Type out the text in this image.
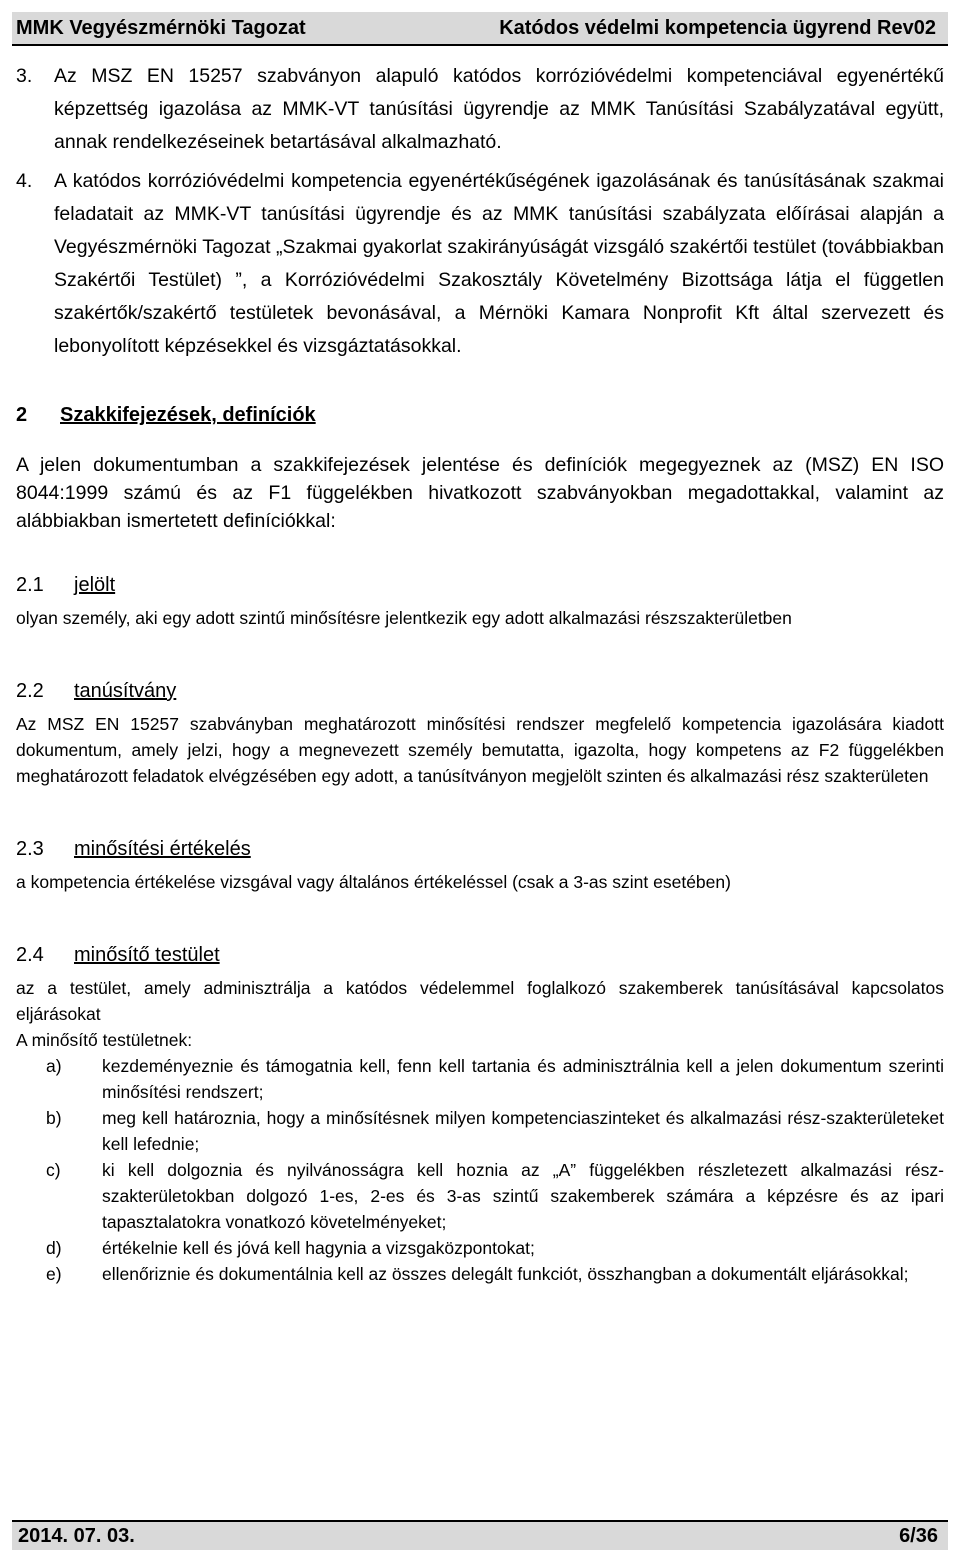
MMK Vegyészmérnöki Tagozat	Katódos védelmi kompetencia ügyrend Rev02
3.	Az MSZ EN 15257 szabványon alapuló katódos korrózióvédelmi kompetenciával egyenértékű képzettség igazolása az MMK-VT tanúsítási ügyrendje az MMK Tanúsítási Szabályzatával együtt, annak rendelkezéseinek betartásával alkalmazható.
4.	A katódos korrózióvédelmi kompetencia egyenértékűségének igazolásának és tanúsításának szakmai feladatait az MMK-VT tanúsítási ügyrendje és az MMK tanúsítási szabályzata előírásai alapján a Vegyészmérnöki Tagozat „Szakmai gyakorlat szakirányúságát vizsgáló szakértői testület (továbbiakban Szakértői Testület) ”, a Korrózióvédelmi Szakosztály Követelmény Bizottsága látja el független szakértők/szakértő testületek bevonásával, a Mérnöki Kamara Nonprofit Kft által szervezett és lebonyolított képzésekkel és vizsgáztatásokkal.
2	Szakkifejezések, definíciók
A jelen dokumentumban a szakkifejezések jelentése és definíciók megegyeznek az (MSZ) EN ISO 8044:1999 számú és az F1 függelékben hivatkozott szabványokban megadottakkal, valamint az alábbiakban ismertetett definíciókkal:
2.1	jelölt
olyan személy, aki egy adott szintű minősítésre jelentkezik egy adott alkalmazási részszakterületben
2.2	tanúsítvány
Az MSZ EN 15257 szabványban meghatározott minősítési rendszer megfelelő kompetencia igazolására kiadott dokumentum, amely jelzi, hogy a megnevezett személy bemutatta, igazolta, hogy kompetens az F2 függelékben meghatározott feladatok elvégzésében egy adott, a tanúsítványon megjelölt szinten és alkalmazási rész szakterületen
2.3	minősítési értékelés
a kompetencia értékelése vizsgával vagy általános értékeléssel (csak a 3-as szint esetében)
2.4	minősítő testület
az a testület, amely adminisztrálja a katódos védelemmel foglalkozó szakemberek tanúsításával kapcsolatos eljárásokat
A minősítő testületnek:
a)	kezdeményeznie és támogatnia kell, fenn kell tartania és adminisztrálnia kell a jelen dokumentum szerinti minősítési rendszert;
b)	meg kell határoznia, hogy a minősítésnek milyen kompetenciaszinteket és alkalmazási rész-szakterületeket kell lefednie;
c)	ki kell dolgoznia és nyilvánosságra kell hoznia az „A” függelékben részletezett alkalmazási rész-szakterületokban dolgozó 1-es, 2-es és 3-as szintű szakemberek számára a képzésre és az ipari tapasztalatokra vonatkozó követelményeket;
d)	értékelnie kell és jóvá kell hagynia a vizsgaközpontokat;
e)	ellenőriznie és dokumentálnia kell az összes delegált funkciót, összhangban a dokumentált eljárásokkal;
2014. 07. 03.	6/36
